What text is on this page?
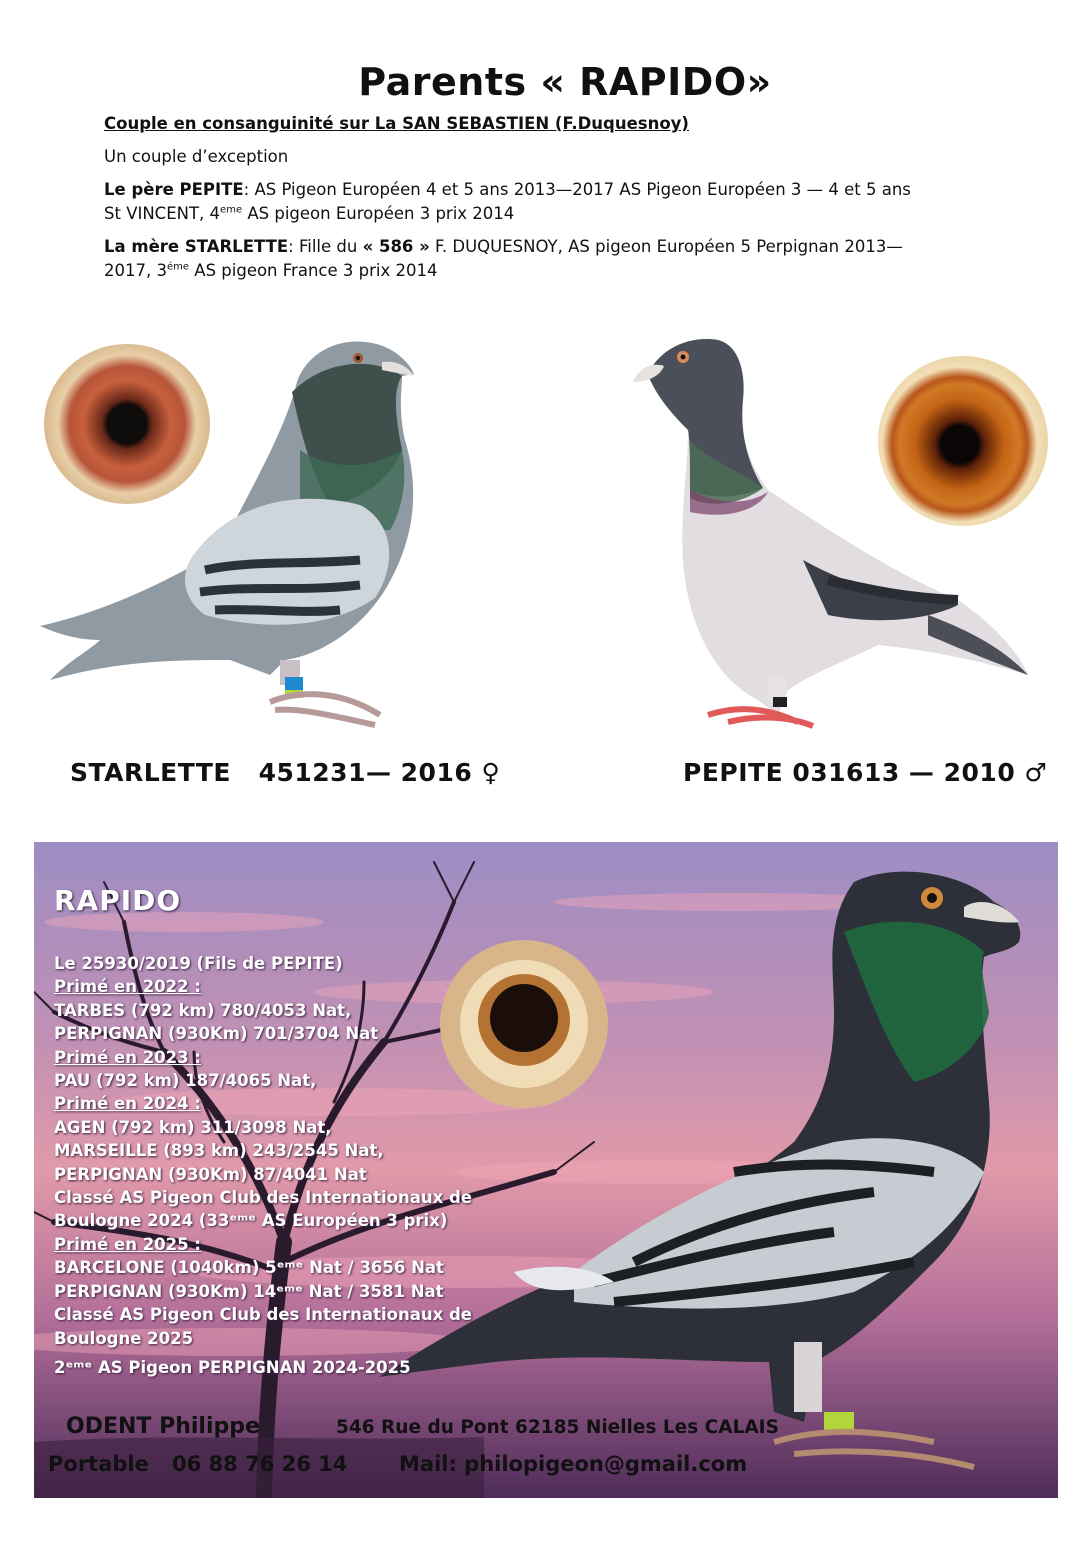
Parents « RAPIDO»

Couple en consanguinité sur La SAN SEBASTIEN (F.Duquesnoy)

Un couple d’exception

Le père PEPITE: AS Pigeon Européen 4 et 5 ans 2013—2017 AS Pigeon Européen 3 — 4 et 5 ans St VINCENT, 4eme AS pigeon Européen 3 prix 2014

La mère STARLETTE: Fille du « 586 » F. DUQUESNOY, AS pigeon Européen 5 Perpignan 2013—2017, $3^{éme}$ AS pigeon France 3 prix 2014

STARLETTE   451231— 2016 ♀	PEPITE 031613 — 2010 ♂
RAPIDO
Le 25930/2019 (Fils de PEPITE)
Primé en 2022 :
TARBES (792 km) 780/4053 Nat,
PERPIGNAN (930Km) 701/3704 Nat
Primé en 2023 :
PAU (792 km) 187/4065 Nat,
Primé en 2024 :
AGEN (792 km) 311/3098 Nat,
MARSEILLE (893 km) 243/2545 Nat,
PERPIGNAN (930Km) 87/4041 Nat
Classé AS Pigeon Club des Internationaux de
Boulogne 2024 (33ᵉᵐᵉ AS Européen 3 prix)
Primé en 2025 :
BARCELONE (1040km) 5ᵉᵐᵉ Nat / 3656 Nat
PERPIGNAN (930Km) 14ᵉᵐᵉ Nat / 3581 Nat
Classé AS Pigeon Club des Internationaux de
Boulogne 2025

2ᵉᵐᵉ AS Pigeon PERPIGNAN 2024-2025
ODENT Philippe	546 Rue du Pont 62185 Nielles Les CALAIS
Portable 06 88 76 26 14 Mail: philopigeon@gmail.com
